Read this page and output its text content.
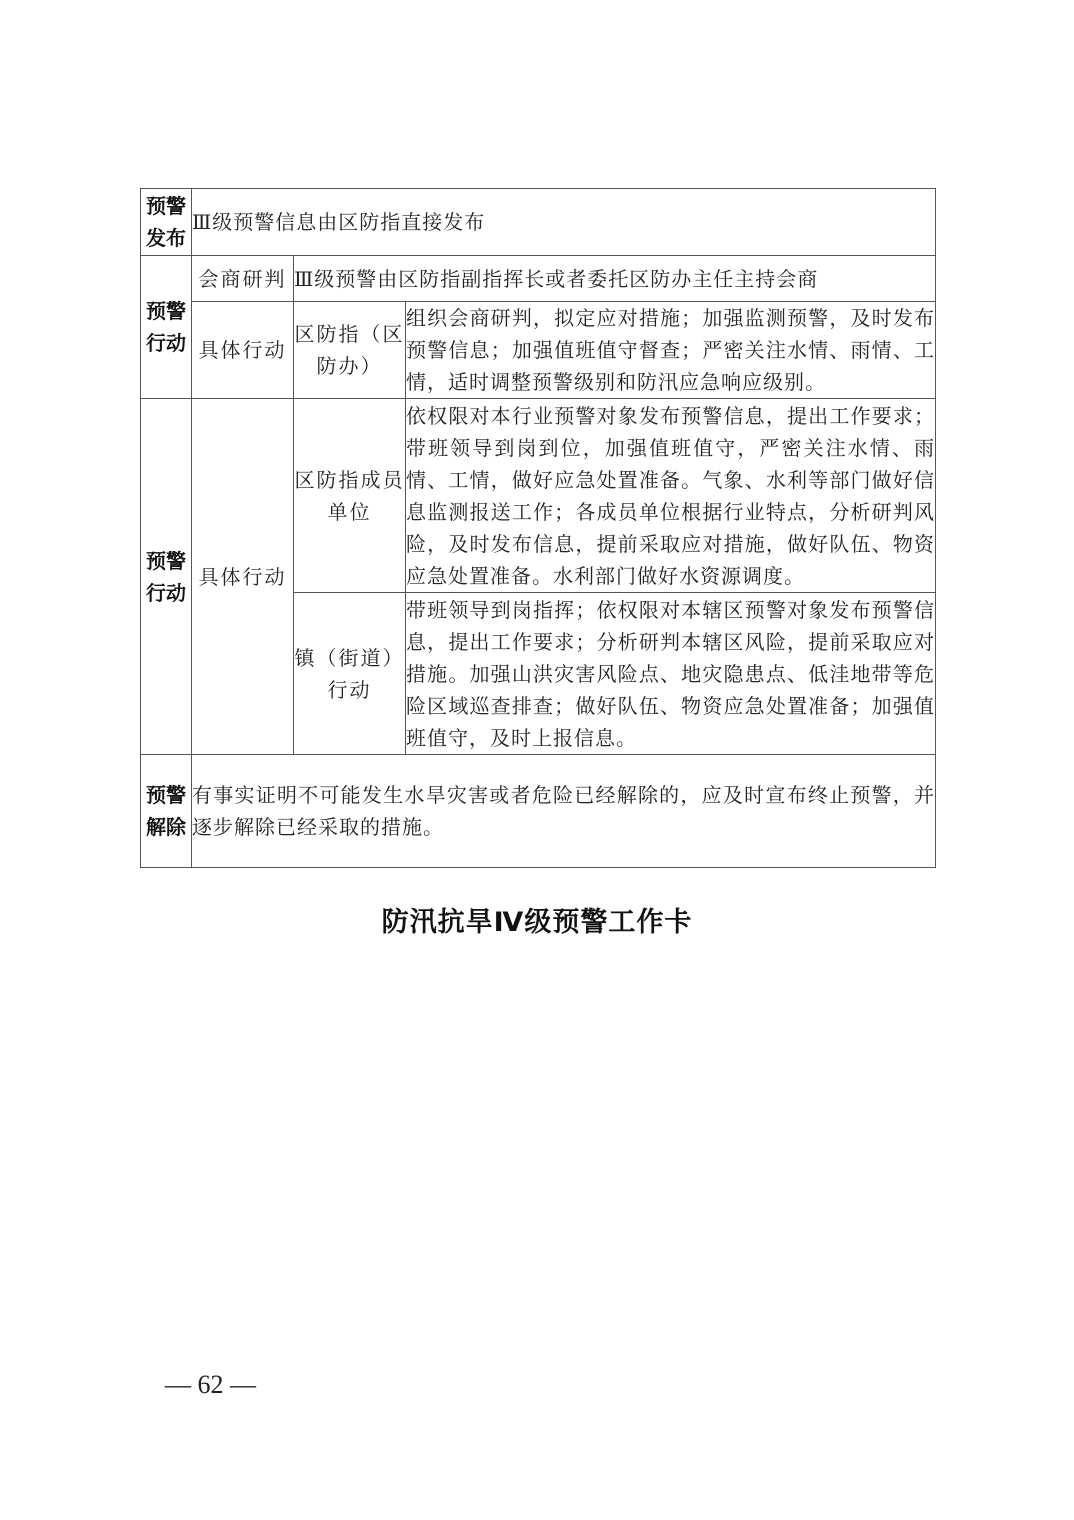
预警发布	Ⅲ级预警信息由区防指直接发布		
预警行动	会商研判	Ⅲ级预警由区防指副指挥长或者委托区防办主任主持会商	
	具体行动	区防指（区防办）	组织会商研判，拟定应对措施；加强监测预警，及时发布预警信息；加强值班值守督查；严密关注水情、雨情、工情，适时调整预警级别和防汛应急响应级别。
预警行动	具体行动	区防指成员单位	依权限对本行业预警对象发布预警信息，提出工作要求；带班领导到岗到位，加强值班值守，严密关注水情、雨情、工情，做好应急处置准备。气象、水利等部门做好信息监测报送工作；各成员单位根据行业特点，分析研判风险，及时发布信息，提前采取应对措施，做好队伍、物资应急处置准备。水利部门做好水资源调度。
		镇（街道）行动	带班领导到岗指挥；依权限对本辖区预警对象发布预警信息，提出工作要求；分析研判本辖区风险，提前采取应对措施。加强山洪灾害风险点、地灾隐患点、低洼地带等危险区域巡查排查；做好队伍、物资应急处置准备；加强值班值守，及时上报信息。
预警解除	有事实证明不可能发生水旱灾害或者危险已经解除的，应及时宣布终止预警，并逐步解除已经采取的措施。		
防汛抗旱Ⅳ级预警工作卡
— 62 —
